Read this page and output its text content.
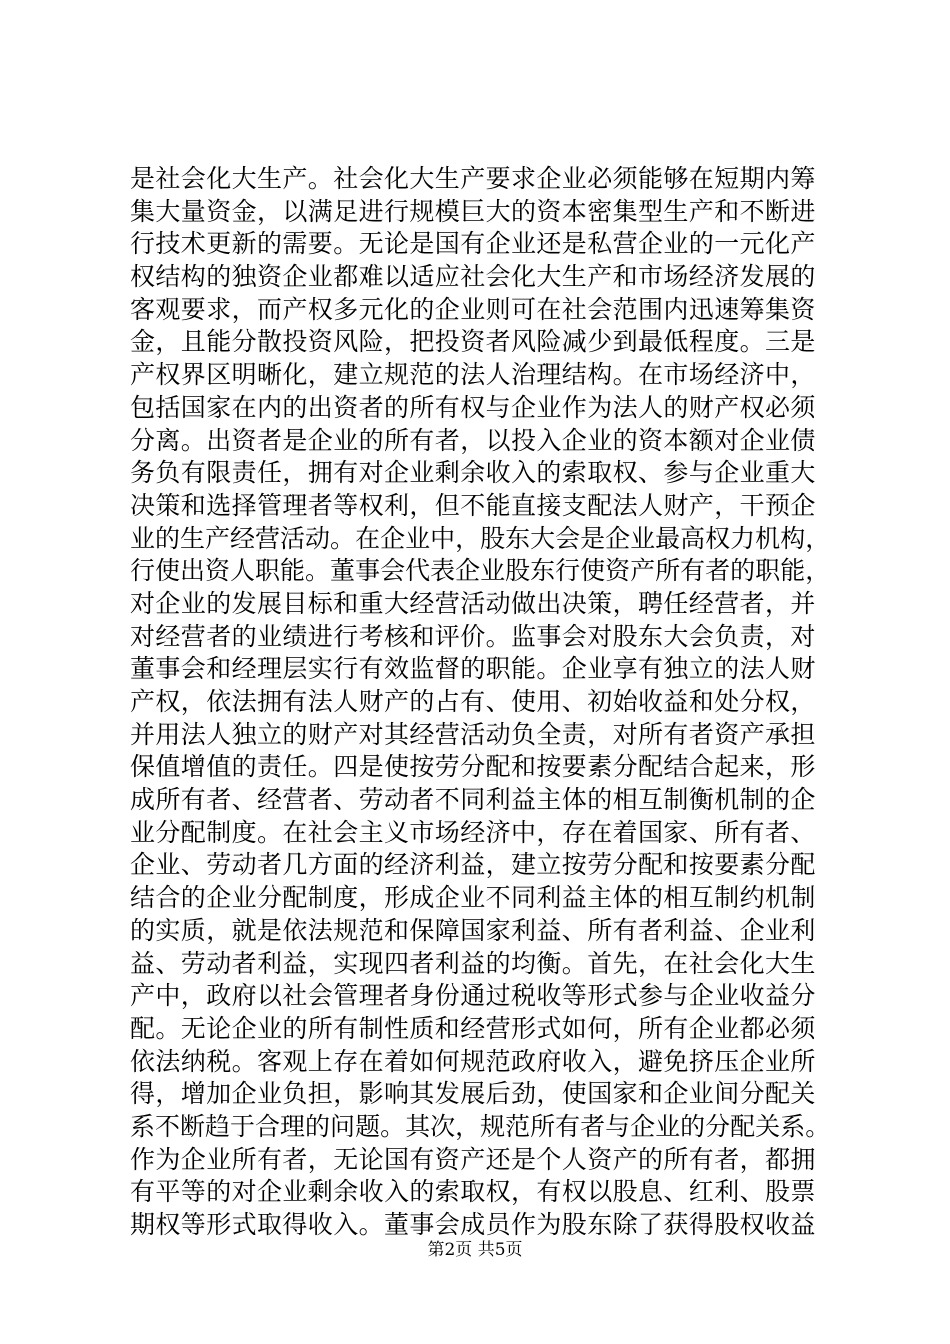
是社会化大生产。社会化大生产要求企业必须能够在短期内筹
集大量资金，以满足进行规模巨大的资本密集型生产和不断进
行技术更新的需要。无论是国有企业还是私营企业的一元化产
权结构的独资企业都难以适应社会化大生产和市场经济发展的
客观要求，而产权多元化的企业则可在社会范围内迅速筹集资
金，且能分散投资风险，把投资者风险减少到最低程度。三是
产权界区明晰化，建立规范的法人治理结构。在市场经济中，
包括国家在内的出资者的所有权与企业作为法人的财产权必须
分离。出资者是企业的所有者，以投入企业的资本额对企业债
务负有限责任，拥有对企业剩余收入的索取权、参与企业重大
决策和选择管理者等权利，但不能直接支配法人财产，干预企
业的生产经营活动。在企业中，股东大会是企业最高权力机构，
行使出资人职能。董事会代表企业股东行使资产所有者的职能，
对企业的发展目标和重大经营活动做出决策，聘任经营者，并
对经营者的业绩进行考核和评价。监事会对股东大会负责，对
董事会和经理层实行有效监督的职能。企业享有独立的法人财
产权，依法拥有法人财产的占有、使用、初始收益和处分权，
并用法人独立的财产对其经营活动负全责，对所有者资产承担
保值增值的责任。四是使按劳分配和按要素分配结合起来，形
成所有者、经营者、劳动者不同利益主体的相互制衡机制的企
业分配制度。在社会主义市场经济中，存在着国家、所有者、
企业、劳动者几方面的经济利益，建立按劳分配和按要素分配
结合的企业分配制度，形成企业不同利益主体的相互制约机制
的实质，就是依法规范和保障国家利益、所有者利益、企业利
益、劳动者利益，实现四者利益的均衡。首先，在社会化大生
产中，政府以社会管理者身份通过税收等形式参与企业收益分
配。无论企业的所有制性质和经营形式如何，所有企业都必须
依法纳税。客观上存在着如何规范政府收入，避免挤压企业所
得，增加企业负担，影响其发展后劲，使国家和企业间分配关
系不断趋于合理的问题。其次，规范所有者与企业的分配关系。
作为企业所有者，无论国有资产还是个人资产的所有者，都拥
有平等的对企业剩余收入的索取权，有权以股息、红利、股票
期权等形式取得收入。董事会成员作为股东除了获得股权收益
第2页 共5页
